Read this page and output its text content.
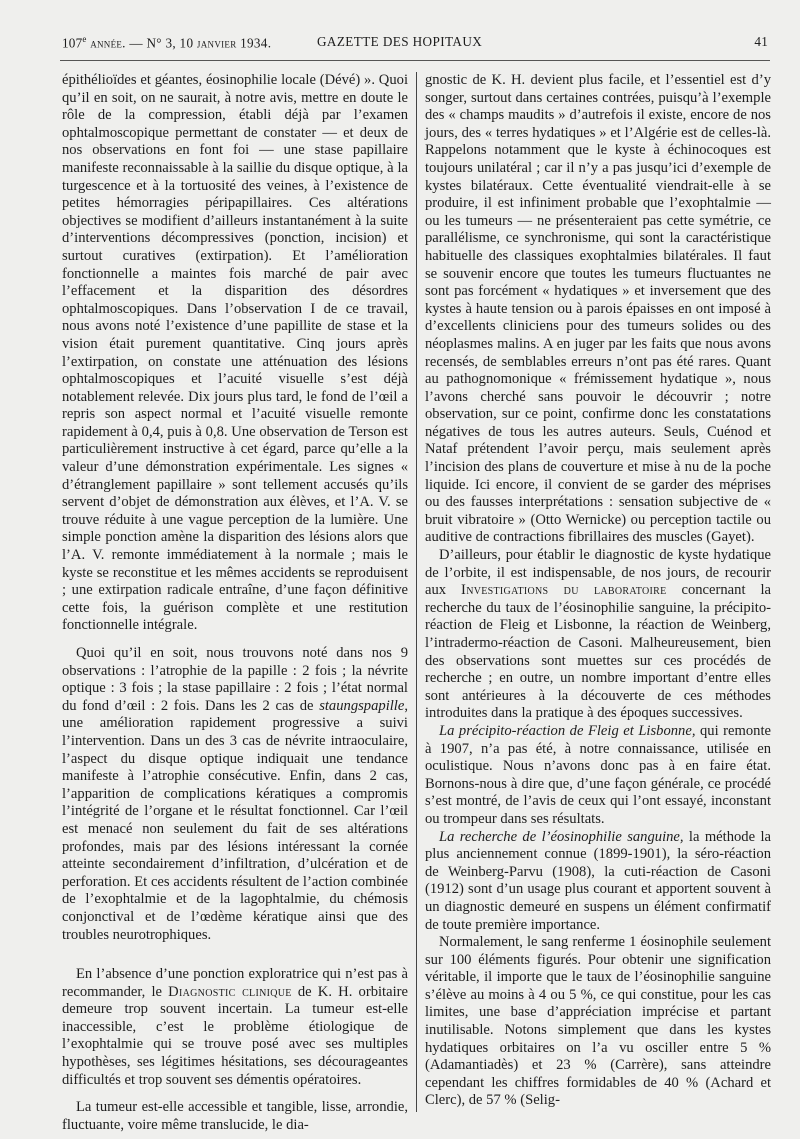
107e année. — N° 3, 10 janvier 1934.	GAZETTE DES HOPITAUX	41

épithélioïdes et géantes, éosinophilie locale (Dévé) ». Quoi qu’il en soit, on ne saurait, à notre avis, mettre en doute le rôle de la compression, établi déjà par l’examen ophtalmoscopique permettant de constater — et deux de nos observations en font foi — une stase papillaire manifeste reconnaissable à la saillie du disque optique, à la turgescence et à la tortuosité des veines, à l’existence de petites hémorragies péripapillaires. Ces altérations objectives se modifient d’ailleurs instantanément à la suite d’interventions décompressives (ponction, incision) et surtout curatives (extirpation). Et l’amélioration fonctionnelle a maintes fois marché de pair avec l’effacement et la disparition des désordres ophtalmoscopiques. Dans l’observation I de ce travail, nous avons noté l’existence d’une papillite de stase et la vision était purement quantitative. Cinq jours après l’extirpation, on constate une atténuation des lésions ophtalmoscopiques et l’acuité visuelle s’est déjà notablement relevée. Dix jours plus tard, le fond de l’œil a repris son aspect normal et l’acuité visuelle remonte rapidement à 0,4, puis à 0,8. Une observation de Terson est particulièrement instructive à cet égard, parce qu’elle a la valeur d’une démonstration expérimentale. Les signes « d’étranglement papillaire » sont tellement accusés qu’ils servent d’objet de démonstration aux élèves, et l’A. V. se trouve réduite à une vague perception de la lumière. Une simple ponction amène la disparition des lésions alors que l’A. V. remonte immédiatement à la normale ; mais le kyste se reconstitue et les mêmes accidents se reproduisent ; une extirpation radicale entraîne, d’une façon définitive cette fois, la guérison complète et une restitution fonctionnelle intégrale.

Quoi qu’il en soit, nous trouvons noté dans nos 9 observations : l’atrophie de la papille : 2 fois ; la névrite optique : 3 fois ; la stase papillaire : 2 fois ; l’état normal du fond d’œil : 2 fois. Dans les 2 cas de staungspapille, une amélioration rapidement progressive a suivi l’intervention. Dans un des 3 cas de névrite intraoculaire, l’aspect du disque optique indiquait une tendance manifeste à l’atrophie consécutive. Enfin, dans 2 cas, l’apparition de complications kératiques a compromis l’intégrité de l’organe et le résultat fonctionnel. Car l’œil est menacé non seulement du fait de ses altérations profondes, mais par des lésions intéressant la cornée atteinte secondairement d’infiltration, d’ulcération et de perforation. Et ces accidents résultent de l’action combinée de l’exophtalmie et de la lagophtalmie, du chémosis conjonctival et de l’œdème kératique ainsi que des troubles neurotrophiques.

En l’absence d’une ponction exploratrice qui n’est pas à recommander, le Diagnostic clinique de K. H. orbitaire demeure trop souvent incertain. La tumeur est-elle inaccessible, c’est le problème étiologique de l’exophtalmie qui se trouve posé avec ses multiples hypothèses, ses légitimes hésitations, ses décourageantes difficultés et trop souvent ses démentis opératoires.

La tumeur est-elle accessible et tangible, lisse, arrondie, fluctuante, voire même translucide, le dia-

gnostic de K. H. devient plus facile, et l’essentiel est d’y songer, surtout dans certaines contrées, puisqu’à l’exemple des « champs maudits » d’autrefois il existe, encore de nos jours, des « terres hydatiques » et l’Algérie est de celles-là. Rappelons notamment que le kyste à échinocoques est toujours unilatéral ; car il n’y a pas jusqu’ici d’exemple de kystes bilatéraux. Cette éventualité viendrait-elle à se produire, il est infiniment probable que l’exophtalmie — ou les tumeurs — ne présenteraient pas cette symétrie, ce parallélisme, ce synchronisme, qui sont la caractéristique habituelle des classiques exophtalmies bilatérales. Il faut se souvenir encore que toutes les tumeurs fluctuantes ne sont pas forcément « hydatiques » et inversement que des kystes à haute tension ou à parois épaisses en ont imposé à d’excellents cliniciens pour des tumeurs solides ou des néoplasmes malins. A en juger par les faits que nous avons recensés, de semblables erreurs n’ont pas été rares. Quant au pathognomonique « frémissement hydatique », nous l’avons cherché sans pouvoir le découvrir ; notre observation, sur ce point, confirme donc les constatations négatives de tous les autres auteurs. Seuls, Cuénod et Nataf prétendent l’avoir perçu, mais seulement après l’incision des plans de couverture et mise à nu de la poche liquide. Ici encore, il convient de se garder des méprises ou des fausses interprétations : sensation subjective de « bruit vibratoire » (Otto Wernicke) ou perception tactile ou auditive de contractions fibrillaires des muscles (Gayet).

D’ailleurs, pour établir le diagnostic de kyste hydatique de l’orbite, il est indispensable, de nos jours, de recourir aux Investigations du laboratoire concernant la recherche du taux de l’éosinophilie sanguine, la précipito-réaction de Fleig et Lisbonne, la réaction de Weinberg, l’intradermo-réaction de Casoni. Malheureusement, bien des observations sont muettes sur ces procédés de recherche ; en outre, un nombre important d’entre elles sont antérieures à la découverte de ces méthodes introduites dans la pratique à des époques successives.

La précipito-réaction de Fleig et Lisbonne, qui remonte à 1907, n’a pas été, à notre connaissance, utilisée en oculistique. Nous n’avons donc pas à en faire état. Bornons-nous à dire que, d’une façon générale, ce procédé s’est montré, de l’avis de ceux qui l’ont essayé, inconstant ou trompeur dans ses résultats.

La recherche de l’éosinophilie sanguine, la méthode la plus anciennement connue (1899-1901), la séro-réaction de Weinberg-Parvu (1908), la cuti-réaction de Casoni (1912) sont d’un usage plus courant et apportent souvent à un diagnostic demeuré en suspens un élément confirmatif de toute première importance.

Normalement, le sang renferme 1 éosinophile seulement sur 100 éléments figurés. Pour obtenir une signification véritable, il importe que le taux de l’éosinophilie sanguine s’élève au moins à 4 ou 5 %, ce qui constitue, pour les cas limites, une base d’appréciation imprécise et partant inutilisable. Notons simplement que dans les kystes hydatiques orbitaires on l’a vu osciller entre 5 % (Adamantiadès) et 23 % (Carrère), sans atteindre cependant les chiffres formidables de 40 % (Achard et Clerc), de 57 % (Selig-
